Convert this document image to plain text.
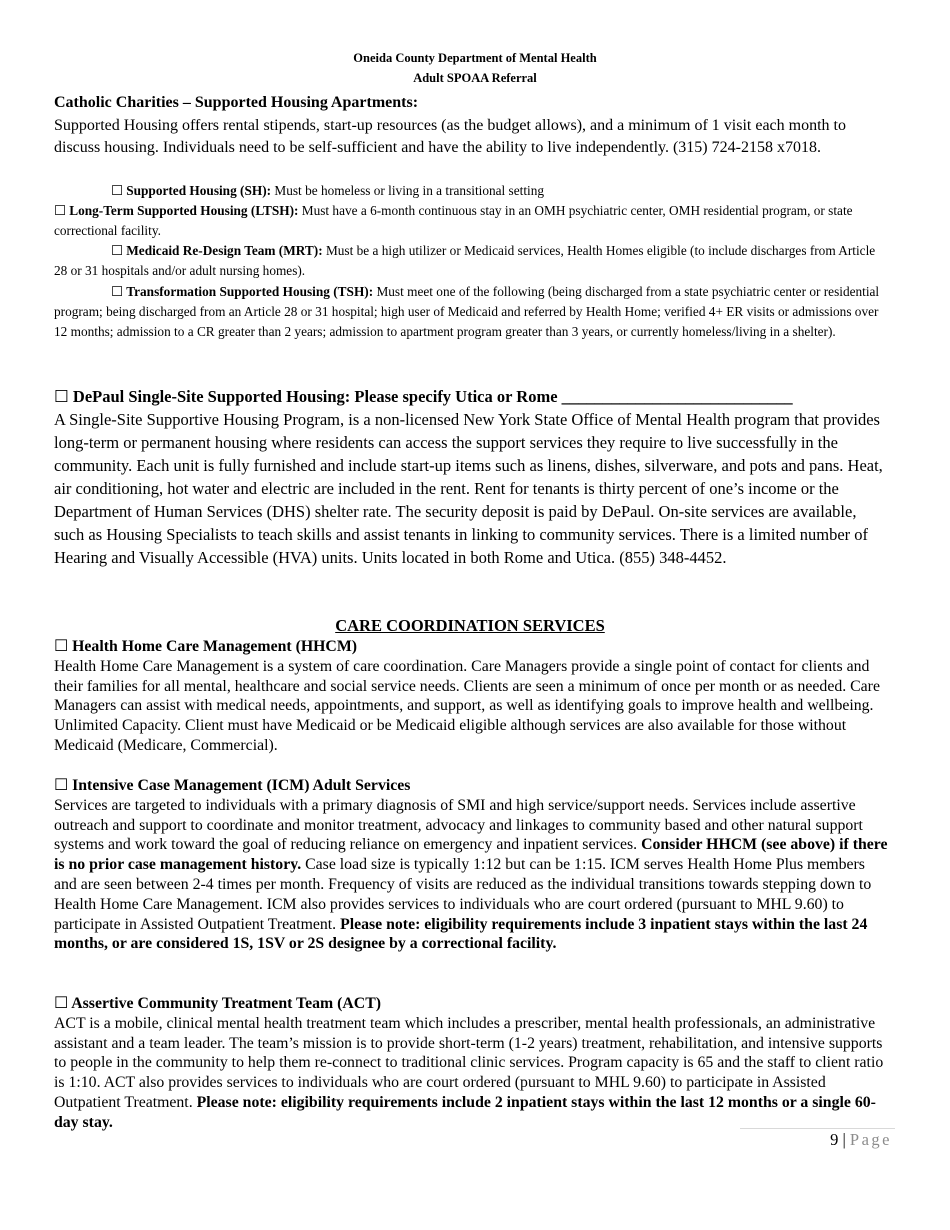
Oneida County Department of Mental Health
Adult SPOAA Referral
Catholic Charities – Supported Housing Apartments:
Supported Housing offers rental stipends, start-up resources (as the budget allows), and a minimum of 1 visit each month to discuss housing. Individuals need to be self-sufficient and have the ability to live independently. (315) 724-2158 x7018.
☐ Supported Housing (SH): Must be homeless or living in a transitional setting
☐ Long-Term Supported Housing (LTSH): Must have a 6-month continuous stay in an OMH psychiatric center, OMH residential program, or state correctional facility.
☐ Medicaid Re-Design Team (MRT): Must be a high utilizer or Medicaid services, Health Homes eligible (to include discharges from Article 28 or 31 hospitals and/or adult nursing homes).
☐ Transformation Supported Housing (TSH): Must meet one of the following (being discharged from a state psychiatric center or residential program; being discharged from an Article 28 or 31 hospital; high user of Medicaid and referred by Health Home; verified 4+ ER visits or admissions over 12 months; admission to a CR greater than 2 years; admission to apartment program greater than 3 years, or currently homeless/living in a shelter).
☐ DePaul Single-Site Supported Housing: Please specify Utica or Rome ____________________________
A Single-Site Supportive Housing Program, is a non-licensed New York State Office of Mental Health program that provides long-term or permanent housing where residents can access the support services they require to live successfully in the community. Each unit is fully furnished and include start-up items such as linens, dishes, silverware, and pots and pans. Heat, air conditioning, hot water and electric are included in the rent. Rent for tenants is thirty percent of one’s income or the Department of Human Services (DHS) shelter rate. The security deposit is paid by DePaul. On-site services are available, such as Housing Specialists to teach skills and assist tenants in linking to community services. There is a limited number of Hearing and Visually Accessible (HVA) units. Units located in both Rome and Utica. (855) 348-4452.
CARE COORDINATION SERVICES
☐ Health Home Care Management (HHCM)
Health Home Care Management is a system of care coordination. Care Managers provide a single point of contact for clients and their families for all mental, healthcare and social service needs. Clients are seen a minimum of once per month or as needed. Care Managers can assist with medical needs, appointments, and support, as well as identifying goals to improve health and wellbeing. Unlimited Capacity. Client must have Medicaid or be Medicaid eligible although services are also available for those without Medicaid (Medicare, Commercial).
☐ Intensive Case Management (ICM) Adult Services
Services are targeted to individuals with a primary diagnosis of SMI and high service/support needs. Services include assertive outreach and support to coordinate and monitor treatment, advocacy and linkages to community based and other natural support systems and work toward the goal of reducing reliance on emergency and inpatient services. Consider HHCM (see above) if there is no prior case management history. Case load size is typically 1:12 but can be 1:15. ICM serves Health Home Plus members and are seen between 2-4 times per month. Frequency of visits are reduced as the individual transitions towards stepping down to Health Home Care Management. ICM also provides services to individuals who are court ordered (pursuant to MHL 9.60) to participate in Assisted Outpatient Treatment. Please note: eligibility requirements include 3 inpatient stays within the last 24 months, or are considered 1S, 1SV or 2S designee by a correctional facility.
☐ Assertive Community Treatment Team (ACT)
ACT is a mobile, clinical mental health treatment team which includes a prescriber, mental health professionals, an administrative assistant and a team leader. The team’s mission is to provide short-term (1-2 years) treatment, rehabilitation, and intensive supports to people in the community to help them re-connect to traditional clinic services. Program capacity is 65 and the staff to client ratio is 1:10. ACT also provides services to individuals who are court ordered (pursuant to MHL 9.60) to participate in Assisted Outpatient Treatment. Please note: eligibility requirements include 2 inpatient stays within the last 12 months or a single 60-day stay.
9 | Page
